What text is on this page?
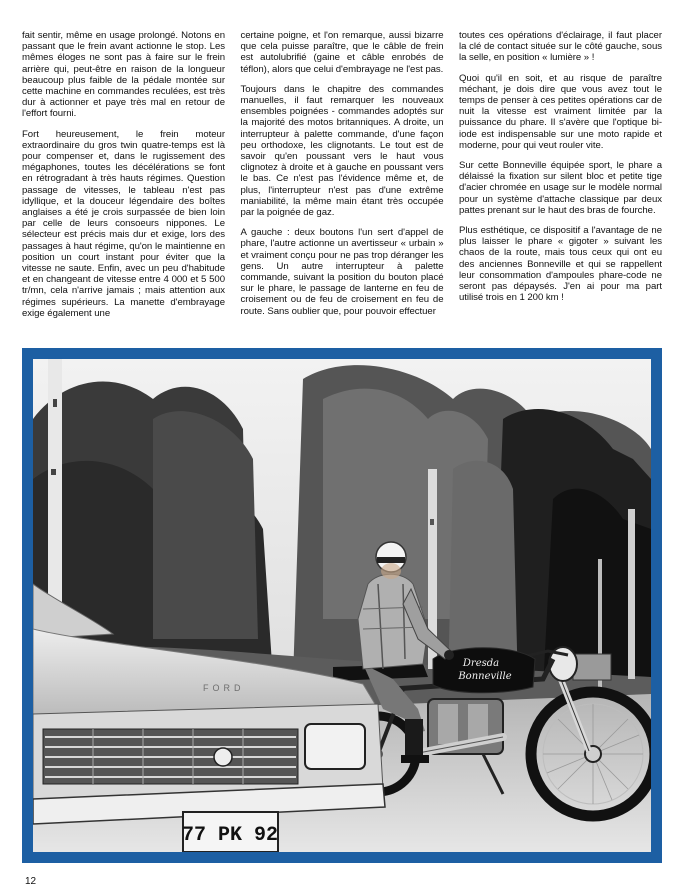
fait sentir, même en usage prolongé. Notons en passant que le frein avant actionne le stop. Les mêmes éloges ne sont pas à faire sur le frein arrière qui, peut-être en raison de la longueur beaucoup plus faible de la pédale montée sur cette machine en commandes reculées, est très dur à actionner et paye très mal en retour de l'effort fourni.

Fort heureusement, le frein moteur extraordinaire du gros twin quatre-temps est là pour compenser et, dans le rugissement des mégaphones, toutes les décélérations se font en rétrogradant à très hauts régimes. Question passage de vitesses, le tableau n'est pas idyllique, et la douceur légendaire des boîtes anglaises a été je crois surpassée de bien loin par celle de leurs consoeurs nippones. Le sélecteur est précis mais dur et exige, lors des passages à haut régime, qu'on le maintienne en position un court instant pour éviter que la vitesse ne saute. Enfin, avec un peu d'habitude et en changeant de vitesse entre 4 000 et 5 500 tr/mn, cela n'arrive jamais ; mais attention aux régimes supérieurs. La manette d'embrayage exige également une

certaine poigne, et l'on remarque, aussi bizarre que cela puisse paraître, que le câble de frein est autolubrifié (gaine et câble enrobés de téflon), alors que celui d'embrayage ne l'est pas.

Toujours dans le chapitre des commandes manuelles, il faut remarquer les nouveaux ensembles poignées - commandes adoptés sur la majorité des motos britanniques. A droite, un interrupteur à palette commande, d'une façon peu orthodoxe, les clignotants. Le tout est de savoir qu'en poussant vers le haut vous clignotez à droite et à gauche en poussant vers le bas. Ce n'est pas l'évidence même et, de plus, l'interrupteur n'est pas d'une extrême maniabilité, la même main étant très occupée par la poignée de gaz.

A gauche : deux boutons l'un sert d'appel de phare, l'autre actionne un avertisseur « urbain » et vraiment conçu pour ne pas trop déranger les gens. Un autre interrupteur à palette commande, suivant la position du bouton placé sur le phare, le passage de lanterne en feu de croisement ou de feu de croisement en feu de route. Sans oublier que, pour pouvoir effectuer

toutes ces opérations d'éclairage, il faut placer la clé de contact située sur le côté gauche, sous la selle, en position « lumière » !

Quoi qu'il en soit, et au risque de paraître méchant, je dois dire que vous avez tout le temps de penser à ces petites opérations car de nuit la vitesse est vraiment limitée par la puissance du phare. Il s'avère que l'optique bi-iode est indispensable sur une moto rapide et moderne, pour qui veut rouler vite.

Sur cette Bonneville équipée sport, le phare a délaissé la fixation sur silent bloc et petite tige d'acier chromée en usage sur le modèle normal pour un système d'attache classique par deux pattes prenant sur le haut des bras de fourche.

Plus esthétique, ce dispositif a l'avantage de ne plus laisser le phare « gigoter » suivant les chaos de la route, mais tous ceux qui ont eu des anciennes Bonneville et qui se rappellent leur consommation d'ampoules phare-code ne seront pas dépaysés. J'en ai pour ma part utilisé trois en 1 200 km !

Dresda
Bonneville
FORD
77 PK 92
12
